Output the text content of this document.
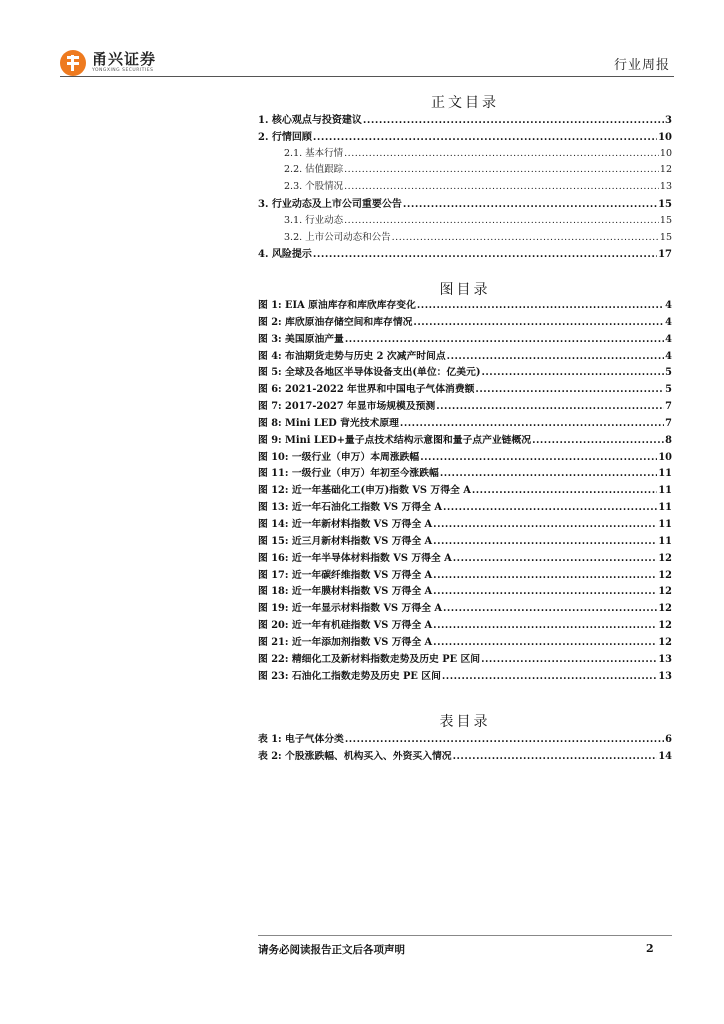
甬兴证券
YONGXING SECURITIES	行业周报
正文目录
1. 核心观点与投资建议 .....	3
2. 行情回顾 .....	10
2.1. 基本行情 .....	10
2.2. 估值跟踪 .....	12
2.3. 个股情况 .....	13
3. 行业动态及上市公司重要公告 .....	15
3.1. 行业动态 .....	15
3.2. 上市公司动态和公告 .....	15
4. 风险提示 .....	17
图目录
图 1: EIA 原油库存和库欣库存变化 .....	4
图 2: 库欣原油存储空间和库存情况 .....	4
图 3: 美国原油产量 .....	4
图 4: 布油期货走势与历史 2 次减产时间点 .....	4
图 5: 全球及各地区半导体设备支出(单位：亿美元) .....	5
图 6: 2021-2022 年世界和中国电子气体消费额 .....	5
图 7: 2017-2027 年显市场规模及预测 .....	7
图 8: Mini LED 背光技术原理 .....	7
图 9: Mini LED+量子点技术结构示意图和量子点产业链概况 .....	8
图 10: 一级行业（申万）本周涨跌幅 .....	10
图 11: 一级行业（申万）年初至今涨跌幅 .....	11
图 12: 近一年基础化工(申万)指数 VS 万得全 A .....	11
图 13: 近一年石油化工指数 VS 万得全 A .....	11
图 14: 近一年新材料指数 VS 万得全 A .....	11
图 15: 近三月新材料指数 VS 万得全 A .....	11
图 16: 近一年半导体材料指数 VS 万得全 A .....	12
图 17: 近一年碳纤维指数 VS 万得全 A .....	12
图 18: 近一年膜材料指数 VS 万得全 A .....	12
图 19: 近一年显示材料指数 VS 万得全 A .....	12
图 20: 近一年有机硅指数 VS 万得全 A .....	12
图 21: 近一年添加剂指数 VS 万得全 A .....	12
图 22: 精细化工及新材料指数走势及历史 PE 区间 .....	13
图 23: 石油化工指数走势及历史 PE 区间 .....	13
表目录
表 1: 电子气体分类 .....	6
表 2: 个股涨跌幅、机构买入、外资买入情况 .....	14
请务必阅读报告正文后各项声明	2
